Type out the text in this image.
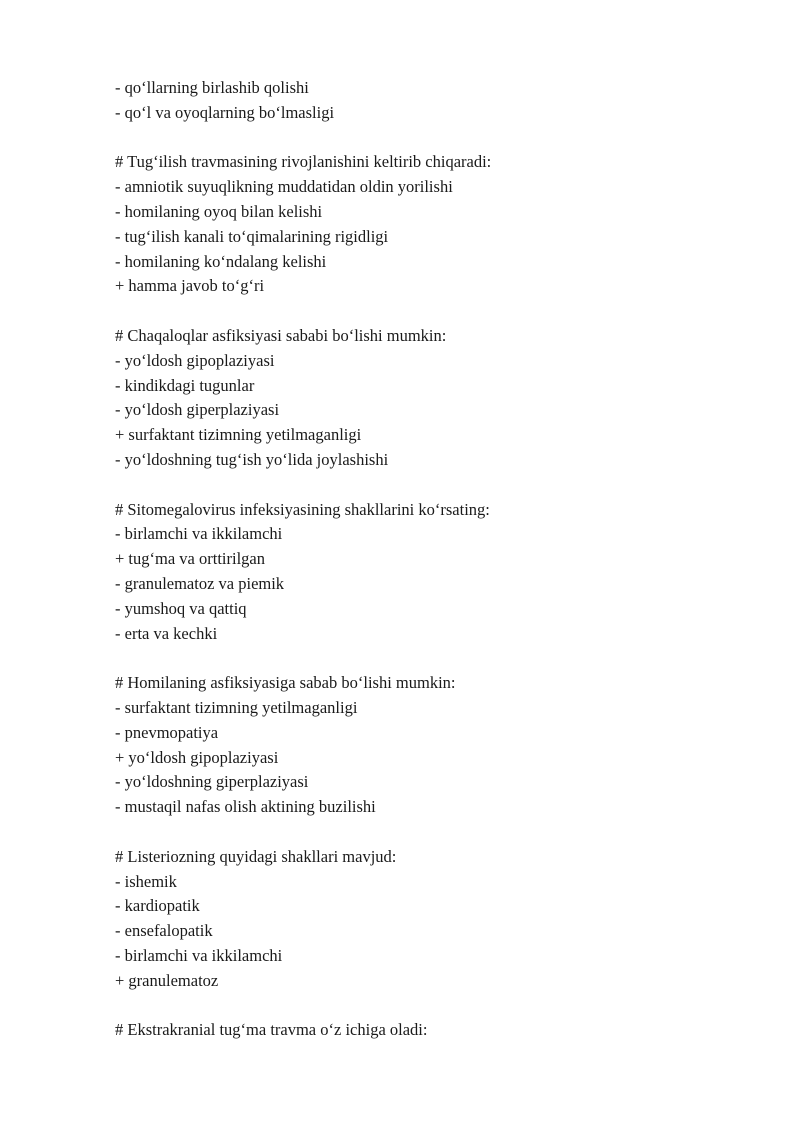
- qo‘llarning birlashib qolishi
- qo‘l va oyoqlarning bo‘lmasligi
# Tug‘ilish travmasining rivojlanishini keltirib chiqaradi:
- amniotik suyuqlikning muddatidan oldin yorilishi
- homilaning oyoq bilan kelishi
- tug‘ilish kanali to‘qimalarining rigidligi
- homilaning ko‘ndalang kelishi
+ hamma javob to‘g‘ri
# Chaqaloqlar asfiksiyasi sababi bo‘lishi mumkin:
- yo‘ldosh gipoplaziyasi
- kindikdagi tugunlar
- yo‘ldosh giperplaziyasi
+ surfaktant tizimning yetilmaganligi
- yo‘ldoshning tug‘ish yo‘lida joylashishi
# Sitomegalovirus infeksiyasining shakllarini ko‘rsating:
- birlamchi va ikkilamchi
+ tug‘ma va orttirilgan
- granulematoz va piemik
- yumshoq va qattiq
- erta va kechki
# Homilaning asfiksiyasiga sabab bo‘lishi mumkin:
- surfaktant tizimning yetilmaganligi
- pnevmopatiya
+ yo‘ldosh gipoplaziyasi
- yo‘ldoshning giperplaziyasi
- mustaqil nafas olish aktining buzilishi
# Listeriozning quyidagi shakllari mavjud:
- ishemik
- kardiopatik
- ensefalopatik
- birlamchi va ikkilamchi
+ granulematoz
# Ekstrakranial tug‘ma travma o‘z ichiga oladi:
